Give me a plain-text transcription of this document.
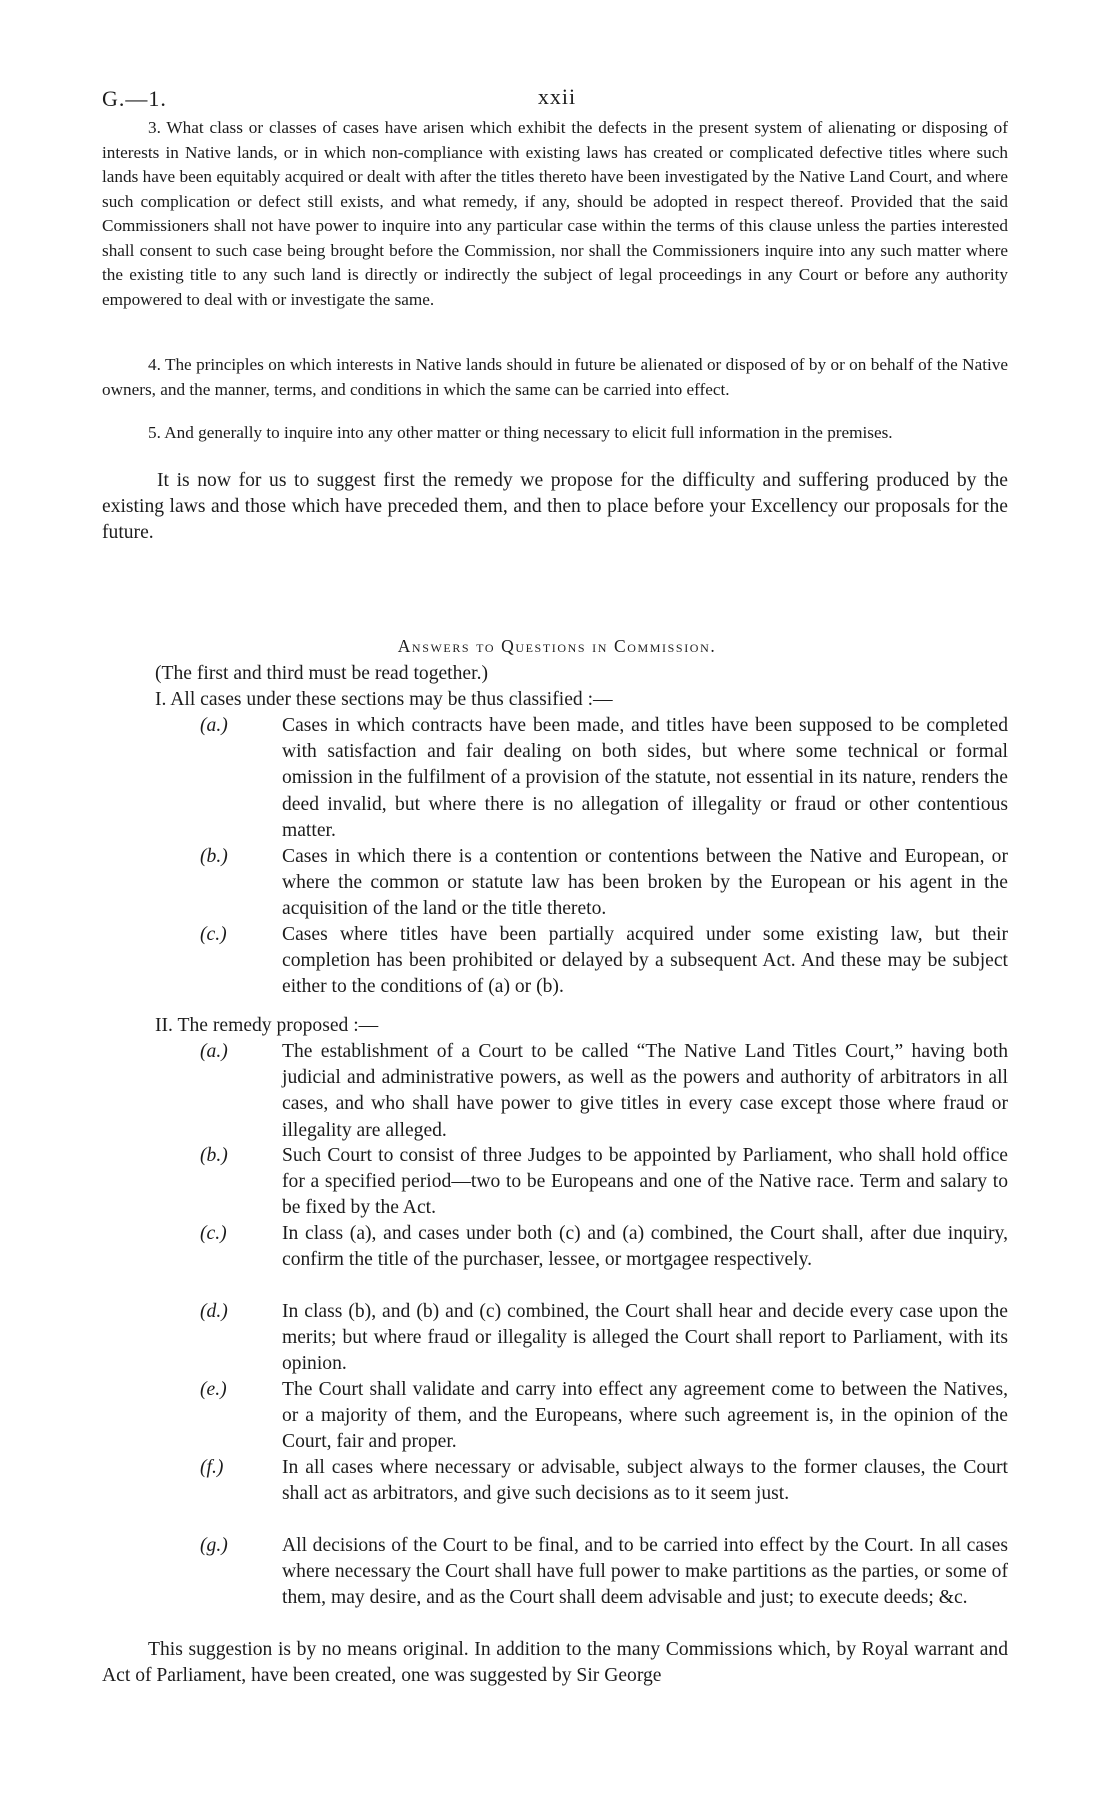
G.—1.	xxii
3. What class or classes of cases have arisen which exhibit the defects in the present system of alienating or disposing of interests in Native lands, or in which non-compliance with existing laws has created or complicated defective titles where such lands have been equitably acquired or dealt with after the titles thereto have been investigated by the Native Land Court, and where such complication or defect still exists, and what remedy, if any, should be adopted in respect thereof. Provided that the said Commissioners shall not have power to inquire into any particular case within the terms of this clause unless the parties interested shall consent to such case being brought before the Commission, nor shall the Commissioners inquire into any such matter where the existing title to any such land is directly or indirectly the subject of legal proceedings in any Court or before any authority empowered to deal with or investigate the same.
4. The principles on which interests in Native lands should in future be alienated or disposed of by or on behalf of the Native owners, and the manner, terms, and conditions in which the same can be carried into effect.
5. And generally to inquire into any other matter or thing necessary to elicit full information in the premises.
It is now for us to suggest first the remedy we propose for the difficulty and suffering produced by the existing laws and those which have preceded them, and then to place before your Excellency our proposals for the future.
Answers to Questions in Commission.
(The first and third must be read together.)
I. All cases under these sections may be thus classified :—
(a.)	Cases in which contracts have been made, and titles have been supposed to be completed with satisfaction and fair dealing on both sides, but where some technical or formal omission in the fulfilment of a provision of the statute, not essential in its nature, renders the deed invalid, but where there is no allegation of illegality or fraud or other contentious matter.
(b.)	Cases in which there is a contention or contentions between the Native and European, or where the common or statute law has been broken by the European or his agent in the acquisition of the land or the title thereto.
(c.)	Cases where titles have been partially acquired under some existing law, but their completion has been prohibited or delayed by a subsequent Act. And these may be subject either to the conditions of (a) or (b).
II. The remedy proposed :—
(a.)	The establishment of a Court to be called “The Native Land Titles Court,” having both judicial and administrative powers, as well as the powers and authority of arbitrators in all cases, and who shall have power to give titles in every case except those where fraud or illegality are alleged.
(b.)	Such Court to consist of three Judges to be appointed by Parliament, who shall hold office for a specified period—two to be Europeans and one of the Native race. Term and salary to be fixed by the Act.
(c.)	In class (a), and cases under both (c) and (a) combined, the Court shall, after due inquiry, confirm the title of the purchaser, lessee, or mortgagee respectively.
(d.)	In class (b), and (b) and (c) combined, the Court shall hear and decide every case upon the merits; but where fraud or illegality is alleged the Court shall report to Parliament, with its opinion.
(e.)	The Court shall validate and carry into effect any agreement come to between the Natives, or a majority of them, and the Europeans, where such agreement is, in the opinion of the Court, fair and proper.
(f.)	In all cases where necessary or advisable, subject always to the former clauses, the Court shall act as arbitrators, and give such decisions as to it seem just.
(g.)	All decisions of the Court to be final, and to be carried into effect by the Court. In all cases where necessary the Court shall have full power to make partitions as the parties, or some of them, may desire, and as the Court shall deem advisable and just; to execute deeds; &c.
This suggestion is by no means original. In addition to the many Commissions which, by Royal warrant and Act of Parliament, have been created, one was suggested by Sir George
